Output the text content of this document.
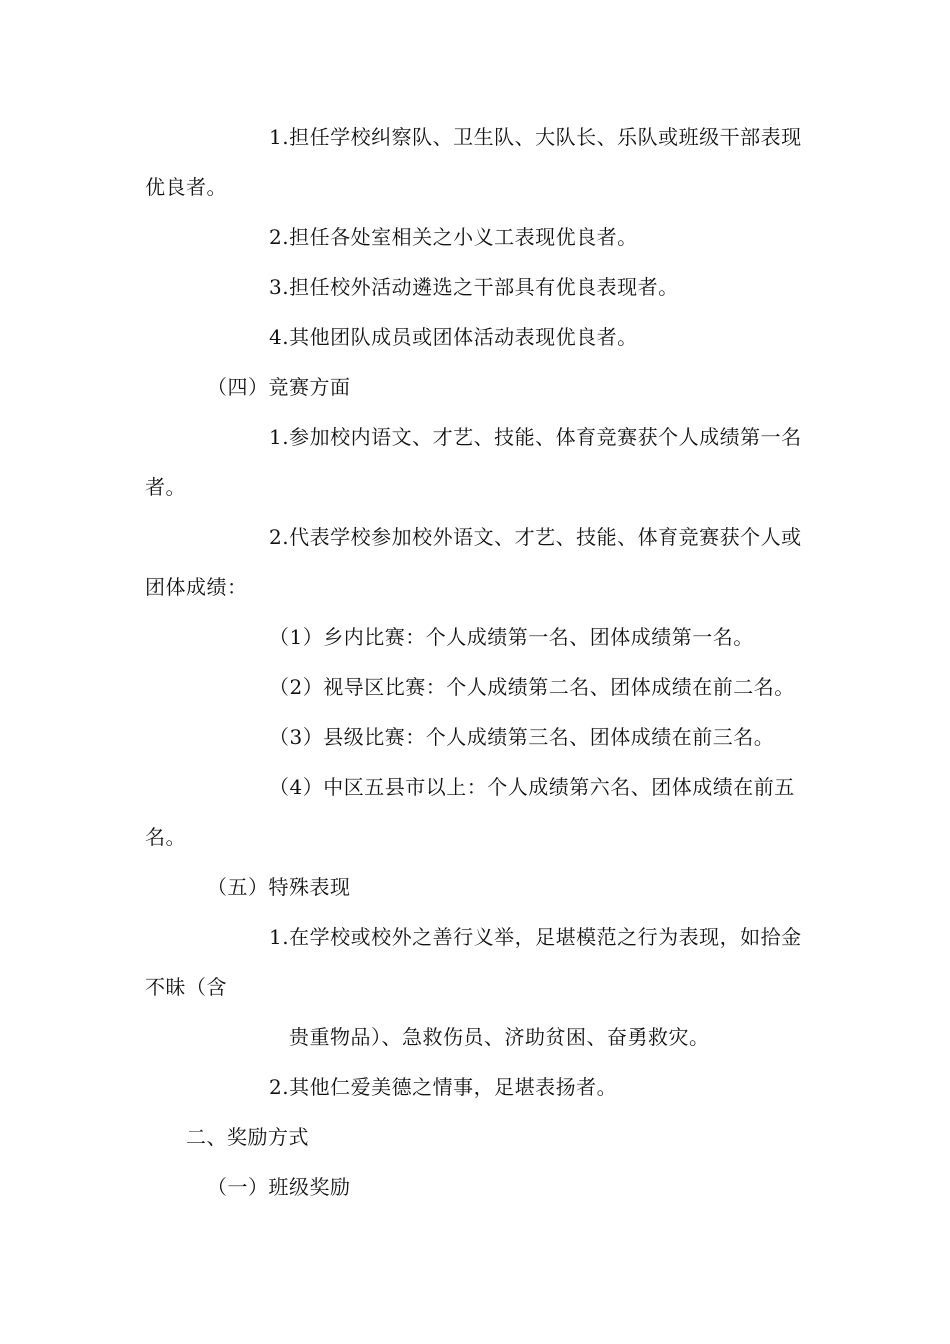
1.担任学校纠察队、卫生队、大队长、乐队或班级干部表现
优良者。
2.担任各处室相关之小义工表现优良者。
3.担任校外活动遴选之干部具有优良表现者。
4.其他团队成员或团体活动表现优良者。
（四）竞赛方面
1.参加校内语文、才艺、技能、体育竞赛获个人成绩第一名
者。
2.代表学校参加校外语文、才艺、技能、体育竞赛获个人或
团体成绩：
（1）乡内比赛：个人成绩第一名、团体成绩第一名。
（2）视导区比赛：个人成绩第二名、团体成绩在前二名。
（3）县级比赛：个人成绩第三名、团体成绩在前三名。
（4）中区五县市以上：个人成绩第六名、团体成绩在前五
名。
（五）特殊表现
1.在学校或校外之善行义举，足堪模范之行为表现，如拾金
不昧（含
贵重物品）、急救伤员、济助贫困、奋勇救灾。
2.其他仁爱美德之情事，足堪表扬者。
二、奖励方式
（一）班级奖励
